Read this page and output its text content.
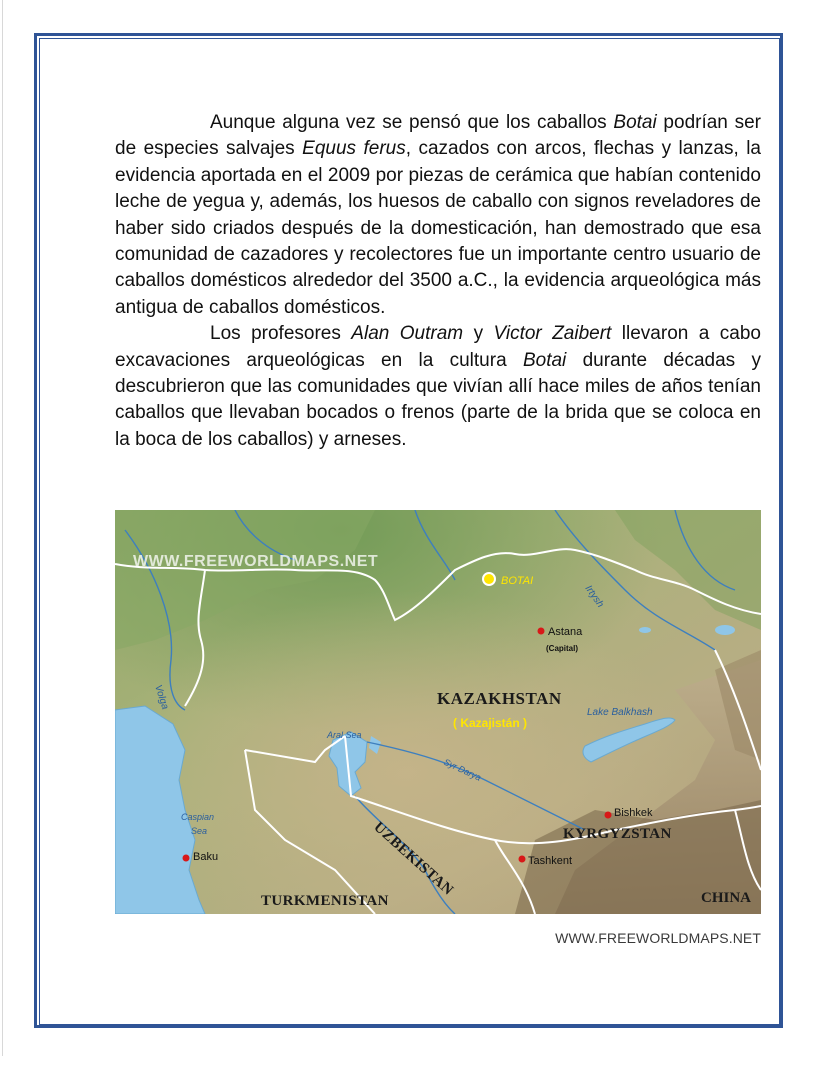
Aunque alguna vez se pensó que los caballos Botai podrían ser de especies salvajes Equus ferus, cazados con arcos, flechas y lanzas, la evidencia aportada en el 2009 por piezas de cerámica que habían contenido leche de yegua y, además, los huesos de caballo con signos reveladores de haber sido criados después de la domesticación, han demostrado que esa comunidad de cazadores y recolectores fue un importante centro usuario de caballos domésticos alrededor del 3500 a.C., la evidencia arqueológica más antigua de caballos domésticos.

Los profesores Alan Outram y Victor Zaibert llevaron a cabo excavaciones arqueológicas en la cultura Botai durante décadas y descubrieron que las comunidades que vivían allí hace miles de años tenían caballos que llevaban bocados o frenos (parte de la brida que se coloca en la boca de los caballos) y arneses.

WWW.FREEWORLDMAPS.NET
BOTAI
Irtysh
Astana
(Capital)
Volga	KAZAKHSTAN
( Kazajistán )
Lake Balkhash
Aral Sea
Syr Darya
Caspian
Sea
Baku
Bishkek
KYRGYZSTAN
UZBEKISTAN	Tashkent
TURKMENISTAN	CHINA
WWW.FREEWORLDMAPS.NET
